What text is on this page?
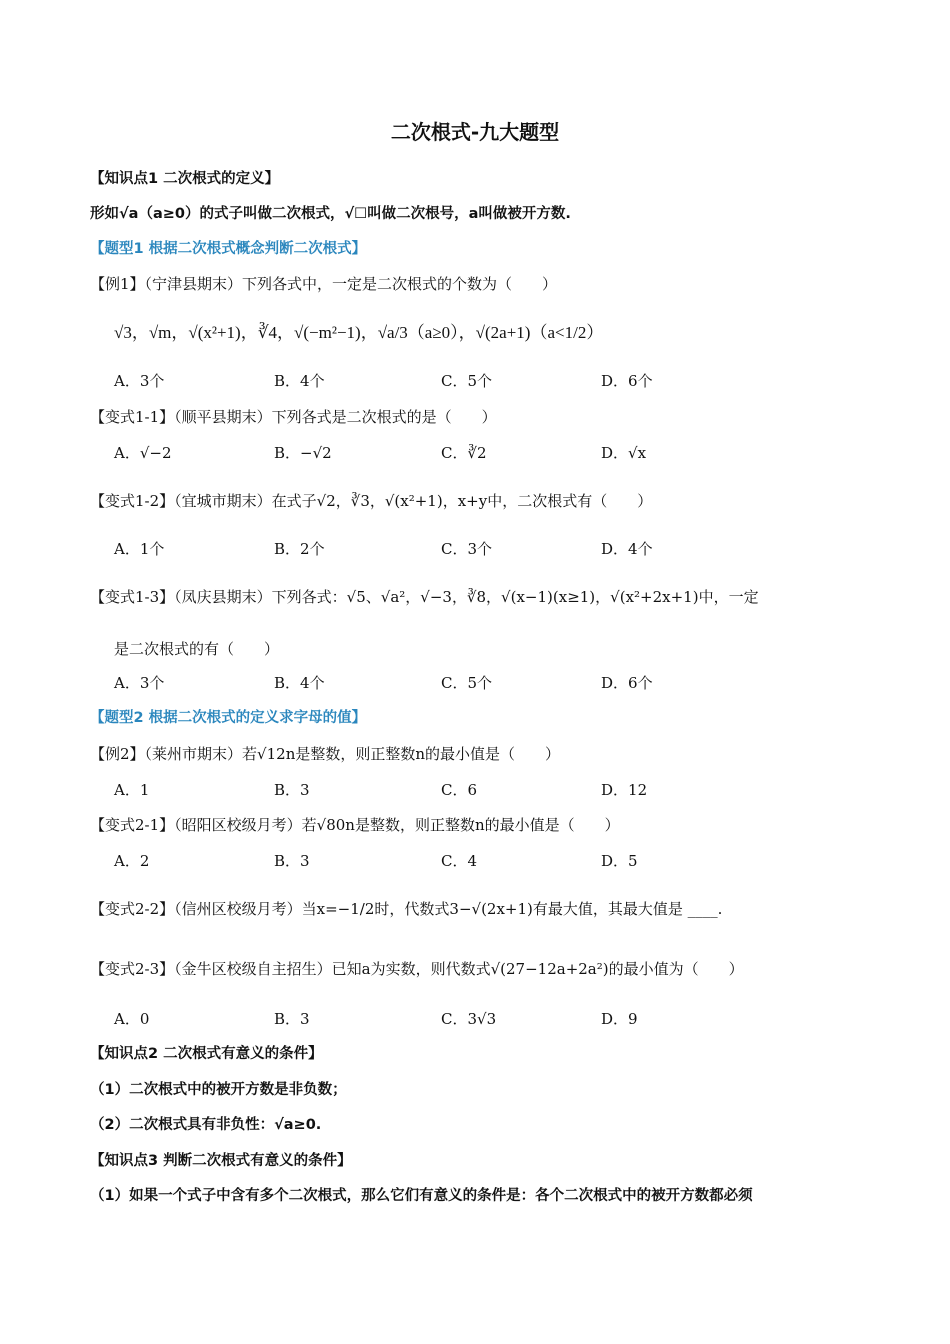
二次根式-九大题型
【知识点1 二次根式的定义】
形如√a（a≥0）的式子叫做二次根式，√☐叫做二次根号，a叫做被开方数.
【题型1 根据二次根式概念判断二次根式】
【例1】（宁津县期末）下列各式中，一定是二次根式的个数为（　　）
√3，√m，√(x²+1)，∛4，√(−m²−1)，√a/3（a≥0），√(2a+1)（a<1/2）
A．3个	B．4个	C．5个	D．6个
【变式1-1】（顺平县期末）下列各式是二次根式的是（　　）
A．√−2	B．−√2	C．∛2	D．√x
【变式1-2】（宜城市期末）在式子√2，∛3，√(x²+1)，x+y中，二次根式有（　　）
A．1个	B．2个	C．3个	D．4个
【变式1-3】（凤庆县期末）下列各式：√5、√a²，√−3，∛8，√(x−1)(x≥1)，√(x²+2x+1)中，一定
是二次根式的有（　　）
A．3个	B．4个	C．5个	D．6个
【题型2 根据二次根式的定义求字母的值】
【例2】（莱州市期末）若√12n是整数，则正整数n的最小值是（　　）
A．1	B．3	C．6	D．12
【变式2-1】（昭阳区校级月考）若√80n是整数，则正整数n的最小值是（　　）
A．2	B．3	C．4	D．5
【变式2-2】（信州区校级月考）当x=−1/2时，代数式3−√(2x+1)有最大值，其最大值是 ____.
【变式2-3】（金牛区校级自主招生）已知a为实数，则代数式√(27−12a+2a²)的最小值为（　　）
A．0	B．3	C．3√3	D．9
【知识点2 二次根式有意义的条件】
（1）二次根式中的被开方数是非负数；
（2）二次根式具有非负性：√a≥0.
【知识点3 判断二次根式有意义的条件】
（1）如果一个式子中含有多个二次根式，那么它们有意义的条件是：各个二次根式中的被开方数都必须
